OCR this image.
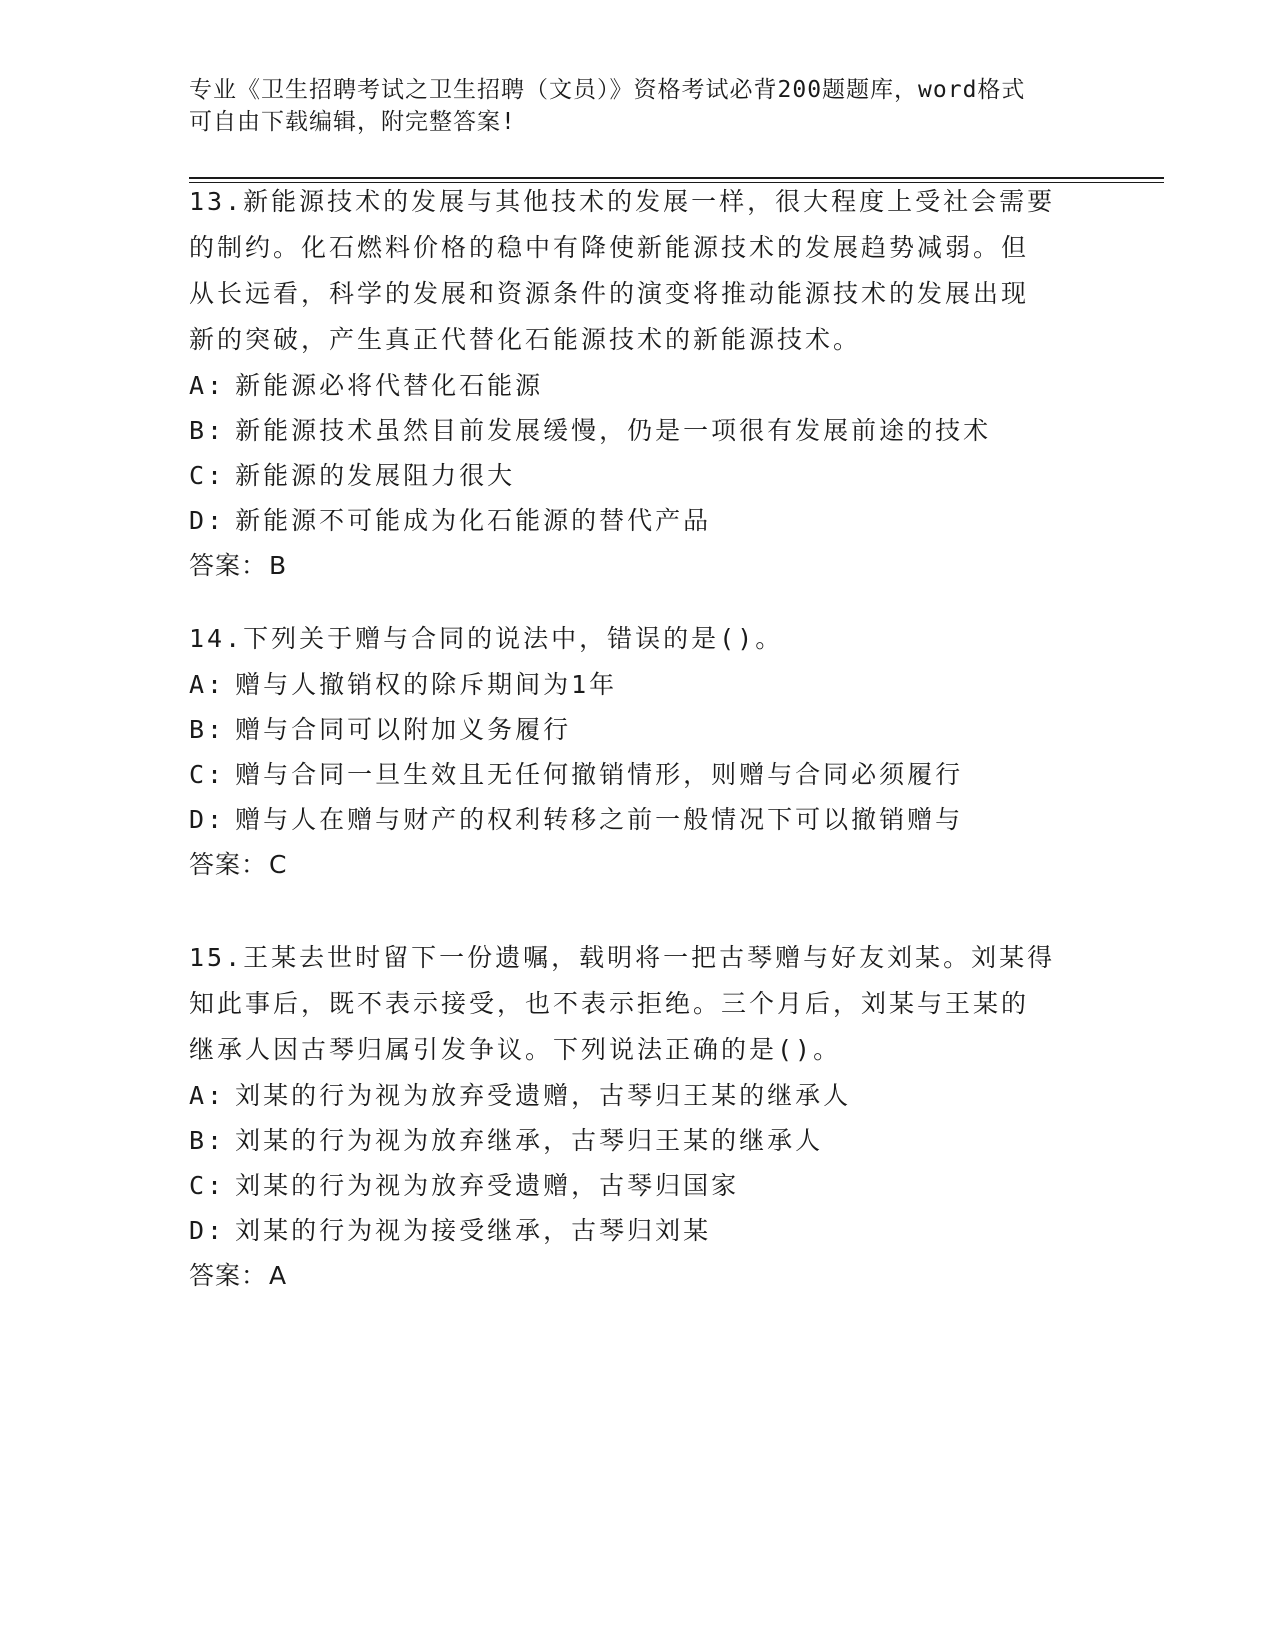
专业《卫生招聘考试之卫生招聘（文员）》资格考试必背200题题库，word格式
可自由下载编辑，附完整答案!
13.新能源技术的发展与其他技术的发展一样，很大程度上受社会需要
的制约。化石燃料价格的稳中有降使新能源技术的发展趋势减弱。但
从长远看，科学的发展和资源条件的演变将推动能源技术的发展出现
新的突破，产生真正代替化石能源技术的新能源技术。
A: 新能源必将代替化石能源
B: 新能源技术虽然目前发展缓慢，仍是一项很有发展前途的技术
C: 新能源的发展阻力很大
D: 新能源不可能成为化石能源的替代产品
答案：B
14.下列关于赠与合同的说法中，错误的是()。
A: 赠与人撤销权的除斥期间为1年
B: 赠与合同可以附加义务履行
C: 赠与合同一旦生效且无任何撤销情形，则赠与合同必须履行
D: 赠与人在赠与财产的权利转移之前一般情况下可以撤销赠与
答案：C
15.王某去世时留下一份遗嘱，载明将一把古琴赠与好友刘某。刘某得
知此事后，既不表示接受，也不表示拒绝。三个月后，刘某与王某的
继承人因古琴归属引发争议。下列说法正确的是()。
A: 刘某的行为视为放弃受遗赠，古琴归王某的继承人
B: 刘某的行为视为放弃继承，古琴归王某的继承人
C: 刘某的行为视为放弃受遗赠，古琴归国家
D: 刘某的行为视为接受继承，古琴归刘某
答案：A
